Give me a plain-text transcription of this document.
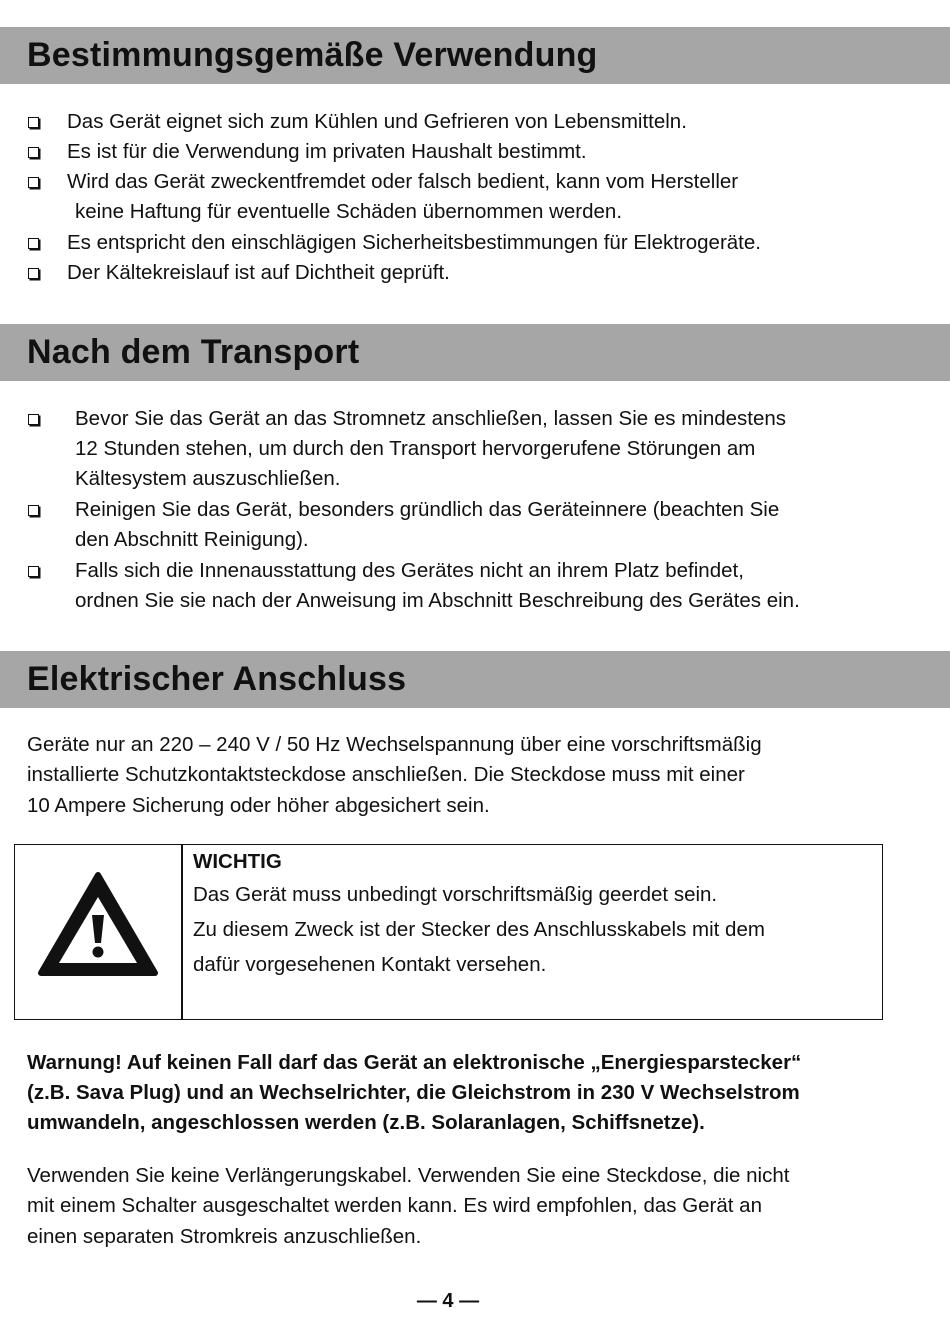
Bestimmungsgemäße Verwendung
Das Gerät eignet sich zum Kühlen und Gefrieren von Lebensmitteln.
Es ist für die Verwendung im privaten Haushalt bestimmt.
Wird das Gerät zweckentfremdet oder falsch bedient, kann vom Hersteller
keine Haftung für eventuelle Schäden übernommen werden.
Es entspricht den einschlägigen Sicherheitsbestimmungen für Elektrogeräte.
Der Kältekreislauf ist auf Dichtheit geprüft.
Nach dem Transport
Bevor Sie das Gerät an das Stromnetz anschließen, lassen Sie es mindestens
12 Stunden stehen, um durch den Transport hervorgerufene Störungen am
Kältesystem auszuschließen.
Reinigen Sie das Gerät, besonders gründlich das Geräteinnere (beachten Sie
den Abschnitt Reinigung).
Falls sich die Innenausstattung des Gerätes nicht an ihrem Platz befindet,
ordnen Sie sie nach der Anweisung im Abschnitt Beschreibung des Gerätes ein.
Elektrischer Anschluss

Geräte nur an 220 – 240 V / 50 Hz Wechselspannung über eine vorschriftsmäßig

installierte Schutzkontaktsteckdose anschließen. Die Steckdose muss mit einer

10 Ampere Sicherung oder höher abgesichert sein.

WICHTIG
Das Gerät muss unbedingt vorschriftsmäßig geerdet sein.
Zu diesem Zweck ist der Stecker des Anschlusskabels mit dem
dafür vorgesehenen Kontakt versehen.

Warnung! Auf keinen Fall darf das Gerät an elektronische „Energiesparstecker“

(z.B. Sava Plug) und an Wechselrichter, die Gleichstrom in 230 V Wechselstrom

umwandeln, angeschlossen werden (z.B. Solaranlagen, Schiffsnetze).

Verwenden Sie keine Verlängerungskabel. Verwenden Sie eine Steckdose, die nicht

mit einem Schalter ausgeschaltet werden kann. Es wird empfohlen, das Gerät an

einen separaten Stromkreis anzuschließen.

— 4 —
